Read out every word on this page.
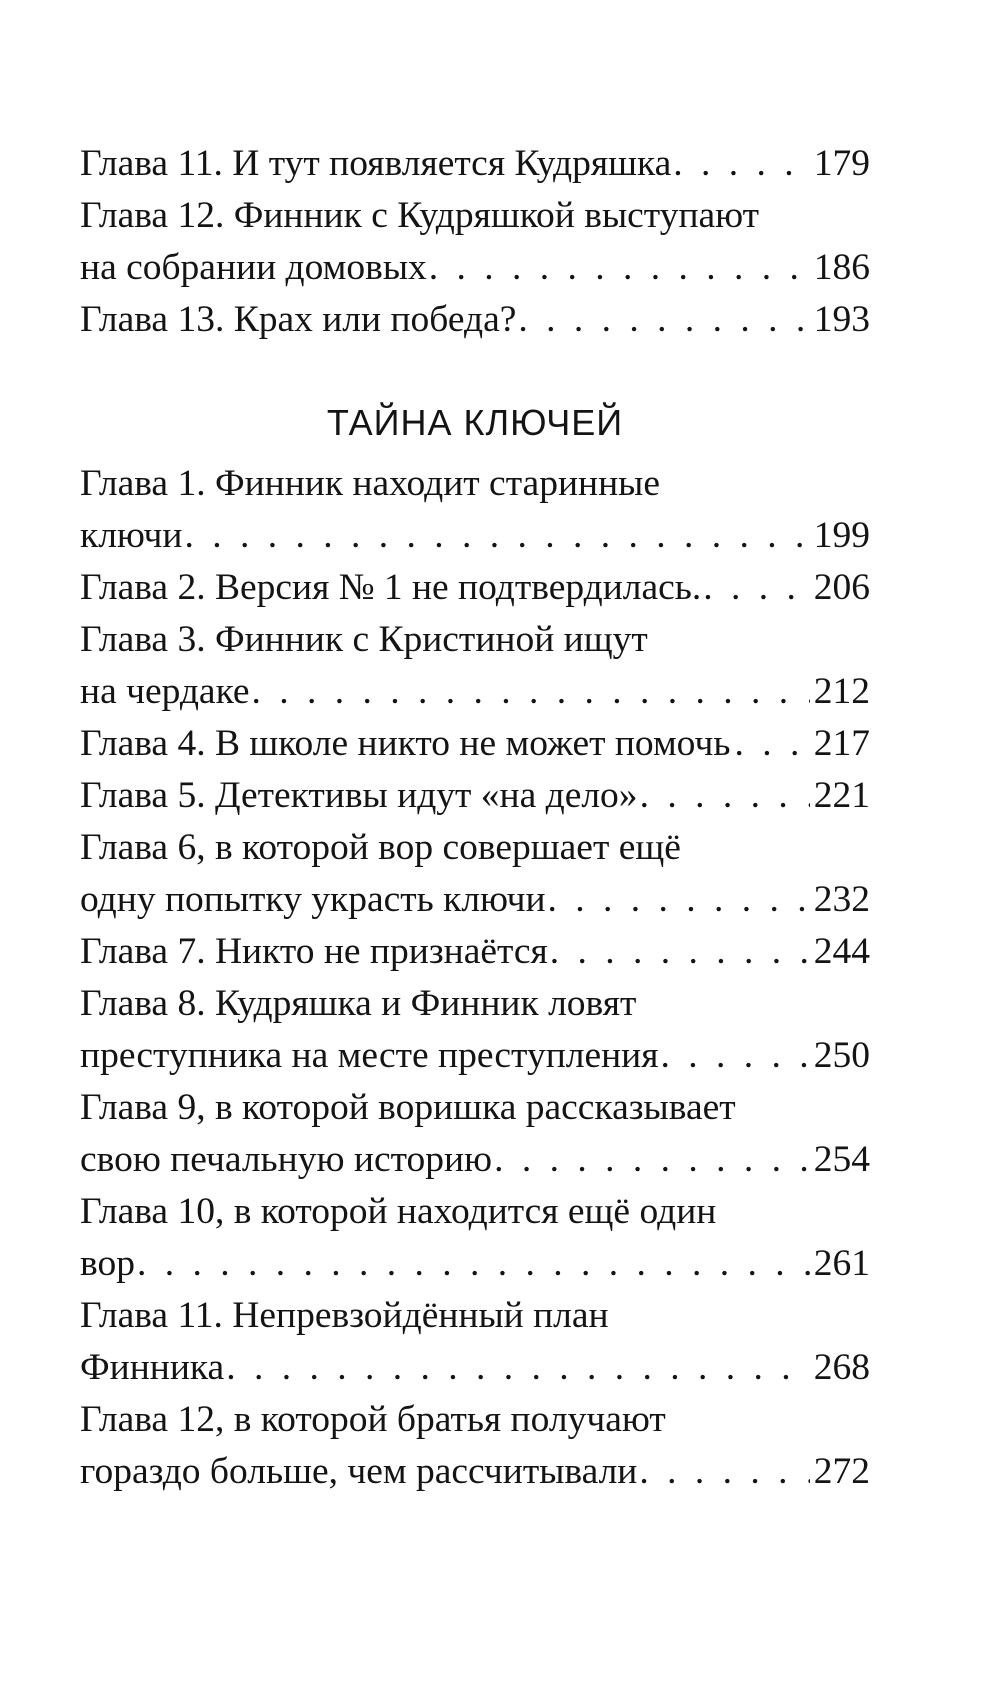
Глава 11. И тут появляется Кудряшка . . .	179
Глава 12. Финник с Кудряшкой выступают
на собрании домовых . . .	186
Глава 13. Крах или победа? . . .	193
ТАЙНА КЛЮЧЕЙ
Глава 1. Финник находит старинные
ключи . . .	199
Глава 2. Версия № 1 не подтвердилась. . . .	206
Глава 3. Финник с Кристиной ищут
на чердаке . . .	212
Глава 4. В школе никто не может помочь . . . 217
Глава 5. Детективы идут «на дело» . . .	221
Глава 6, в которой вор совершает ещё
одну попытку украсть ключи . . .	232
Глава 7. Никто не признаётся . . .	244
Глава 8. Кудряшка и Финник ловят
преступника на месте преступления . . .	250
Глава 9, в которой воришка рассказывает
свою печальную историю . . .	254
Глава 10, в которой находится ещё один
вор . . .	261
Глава 11. Непревзойдённый план
Финника . . .	268
Глава 12, в которой братья получают
гораздо больше, чем рассчитывали . . .	272
